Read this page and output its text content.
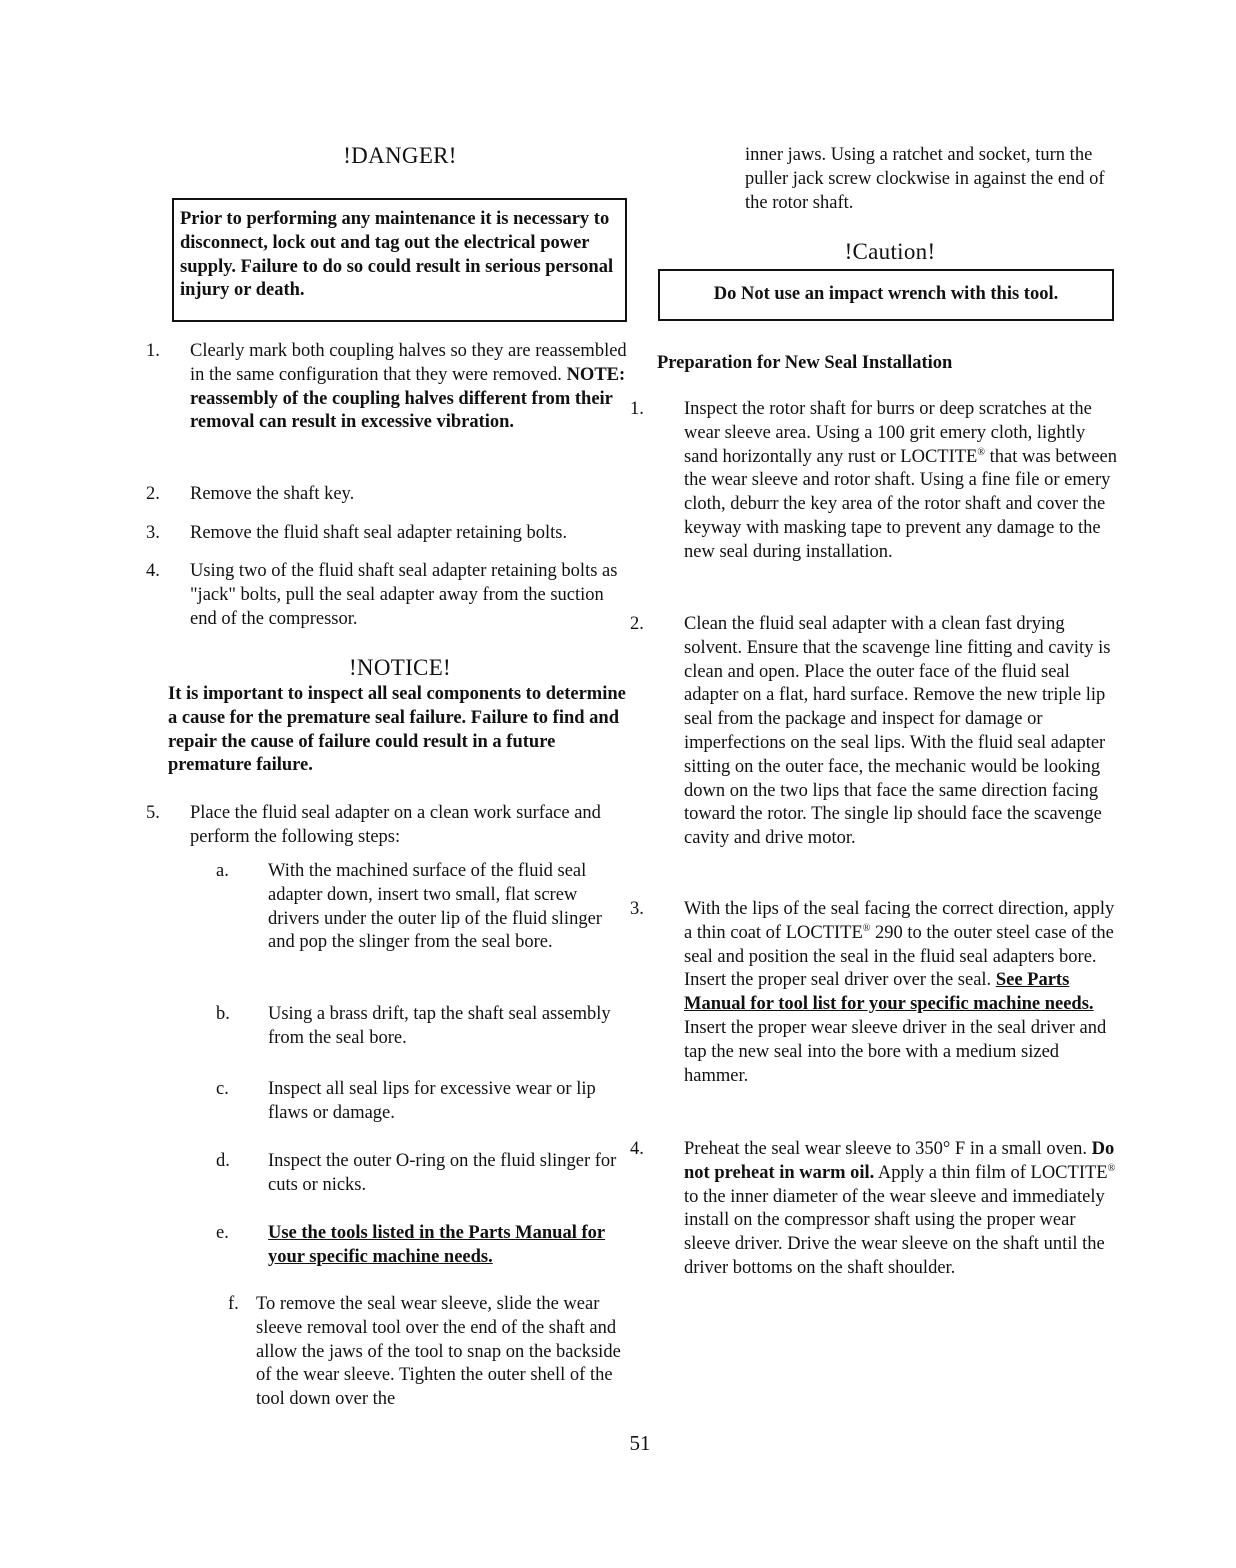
!DANGER!
Prior to performing any maintenance it is necessary to disconnect, lock out and tag out the electrical power supply. Failure to do so could result in serious personal injury or death.
1. Clearly mark both coupling halves so they are reassembled in the same configuration that they were removed. NOTE: reassembly of the coupling halves different from their removal can result in excessive vibration.
2. Remove the shaft key.
3. Remove the fluid shaft seal adapter retaining bolts.
4. Using two of the fluid shaft seal adapter retaining bolts as "jack" bolts, pull the seal adapter away from the suction end of the compressor.
!NOTICE!
It is important to inspect all seal components to determine a cause for the premature seal failure. Failure to find and repair the cause of failure could result in a future premature failure.
5. Place the fluid seal adapter on a clean work surface and perform the following steps:
a. With the machined surface of the fluid seal adapter down, insert two small, flat screw drivers under the outer lip of the fluid slinger and pop the slinger from the seal bore.
b. Using a brass drift, tap the shaft seal assembly from the seal bore.
c. Inspect all seal lips for excessive wear or lip flaws or damage.
d. Inspect the outer O-ring on the fluid slinger for cuts or nicks.
e. Use the tools listed in the Parts Manual for your specific machine needs.
f. To remove the seal wear sleeve, slide the wear sleeve removal tool over the end of the shaft and allow the jaws of the tool to snap on the backside of the wear sleeve. Tighten the outer shell of the tool down over the
inner jaws. Using a ratchet and socket, turn the puller jack screw clockwise in against the end of the rotor shaft.
!Caution!
Do Not use an impact wrench with this tool.
Preparation for New Seal Installation
1. Inspect the rotor shaft for burrs or deep scratches at the wear sleeve area. Using a 100 grit emery cloth, lightly sand horizontally any rust or LOCTITE® that was between the wear sleeve and rotor shaft. Using a fine file or emery cloth, deburr the key area of the rotor shaft and cover the keyway with masking tape to prevent any damage to the new seal during installation.
2. Clean the fluid seal adapter with a clean fast drying solvent. Ensure that the scavenge line fitting and cavity is clean and open. Place the outer face of the fluid seal adapter on a flat, hard surface. Remove the new triple lip seal from the package and inspect for damage or imperfections on the seal lips. With the fluid seal adapter sitting on the outer face, the mechanic would be looking down on the two lips that face the same direction facing toward the rotor. The single lip should face the scavenge cavity and drive motor.
3. With the lips of the seal facing the correct direction, apply a thin coat of LOCTITE® 290 to the outer steel case of the seal and position the seal in the fluid seal adapters bore. Insert the proper seal driver over the seal. See Parts Manual for tool list for your specific machine needs. Insert the proper wear sleeve driver in the seal driver and tap the new seal into the bore with a medium sized hammer.
4. Preheat the seal wear sleeve to 350° F in a small oven. Do not preheat in warm oil. Apply a thin film of LOCTITE® to the inner diameter of the wear sleeve and immediately install on the compressor shaft using the proper wear sleeve driver. Drive the wear sleeve on the shaft until the driver bottoms on the shaft shoulder.
51
